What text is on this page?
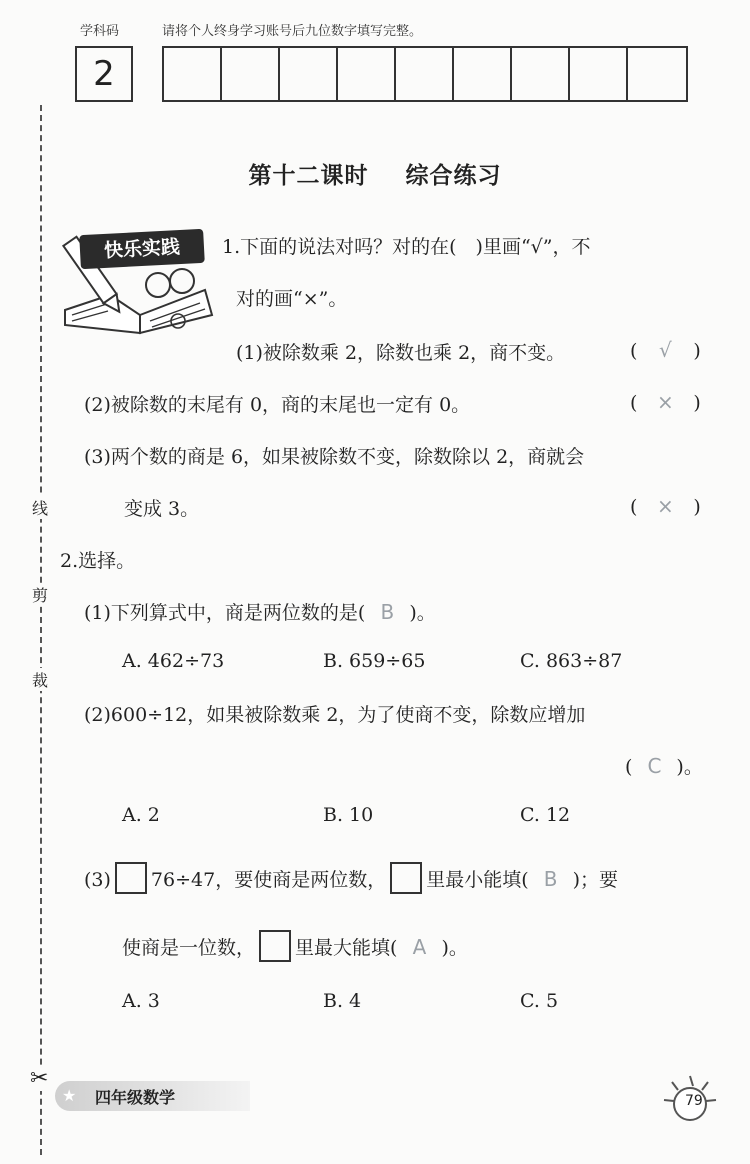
学科码	请将个人终身学习账号后九位数字填写完整。
2
线
剪
裁
✂
第十二课时 综合练习
快乐实践	1.下面的说法对吗？对的在(　)里画“√”，不
对的画“×”。
(1)被除数乘 2，除数也乘 2，商不变。	( √ )
(2)被除数的末尾有 0，商的末尾也一定有 0。	( × )
(3)两个数的商是 6，如果被除数不变，除数除以 2，商就会
变成 3。	( × )
2.选择。
(1)下列算式中，商是两位数的是( B )。
A. 462÷73	B. 659÷65	C. 863÷87
(2)600÷12，如果被除数乘 2，为了使商不变，除数应增加
( C )。
A. 2	B. 10	C. 12
(3) 76÷47，要使商是两位数， 里最小能填( B )；要
使商是一位数， 里最大能填( A )。
A. 3	B. 4	C. 5
★ 四年级数学	79
